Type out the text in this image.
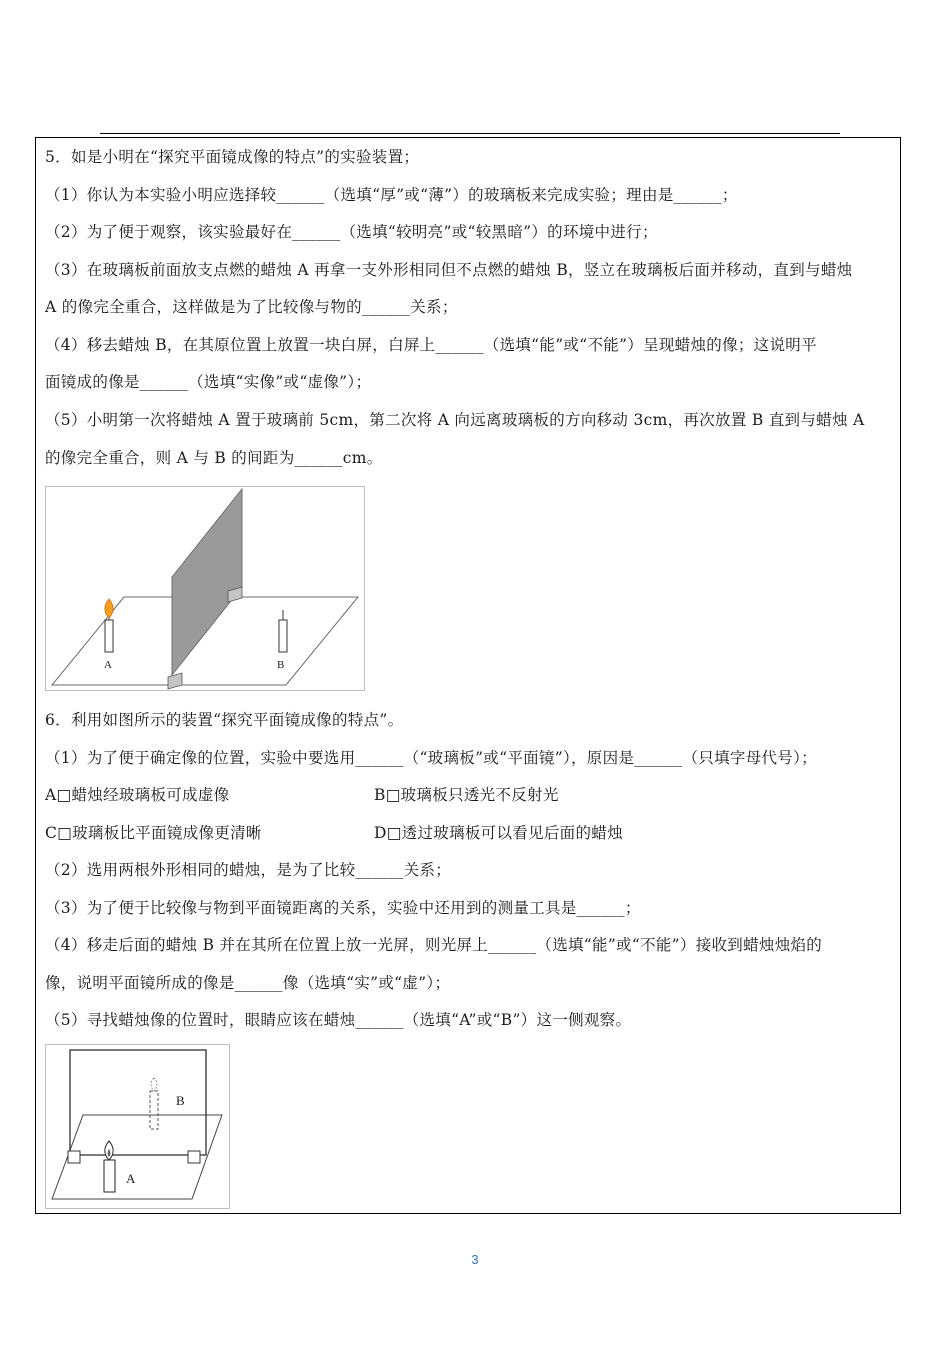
5．如是小明在“探究平面镜成像的特点”的实验装置；
（1）你认为本实验小明应选择较______（选填“厚”或“薄”）的玻璃板来完成实验；理由是______；
（2）为了便于观察，该实验最好在______（选填“较明亮”或“较黑暗”）的环境中进行；
（3）在玻璃板前面放支点燃的蜡烛 A 再拿一支外形相同但不点燃的蜡烛 B，竖立在玻璃板后面并移动，直到与蜡烛
A 的像完全重合，这样做是为了比较像与物的______关系；
（4）移去蜡烛 B，在其原位置上放置一块白屏，白屏上______（选填“能”或“不能”）呈现蜡烛的像；这说明平
面镜成的像是______（选填“实像”或“虚像”）；
（5）小明第一次将蜡烛 A 置于玻璃前 5cm，第二次将 A 向远离玻璃板的方向移动 3cm，再次放置 B 直到与蜡烛 A
的像完全重合，则 A 与 B 的间距为______cm。
A	B
6．利用如图所示的装置“探究平面镜成像的特点”。
（1）为了便于确定像的位置，实验中要选用______（“玻璃板”或“平面镜”），原因是______（只填字母代号）；
A□蜡烛经玻璃板可成虚像	B□玻璃板只透光不反射光
C□玻璃板比平面镜成像更清晰	D□透过玻璃板可以看见后面的蜡烛
（2）选用两根外形相同的蜡烛，是为了比较______关系；
（3）为了便于比较像与物到平面镜距离的关系，实验中还用到的测量工具是______；
（4）移走后面的蜡烛 B 并在其所在位置上放一光屏，则光屏上______（选填“能”或“不能”）接收到蜡烛烛焰的
像，说明平面镜所成的像是______像（选填“实”或“虚”）；
（5）寻找蜡烛像的位置时，眼睛应该在蜡烛______（选填“A”或“B”）这一侧观察。
A
B
3
